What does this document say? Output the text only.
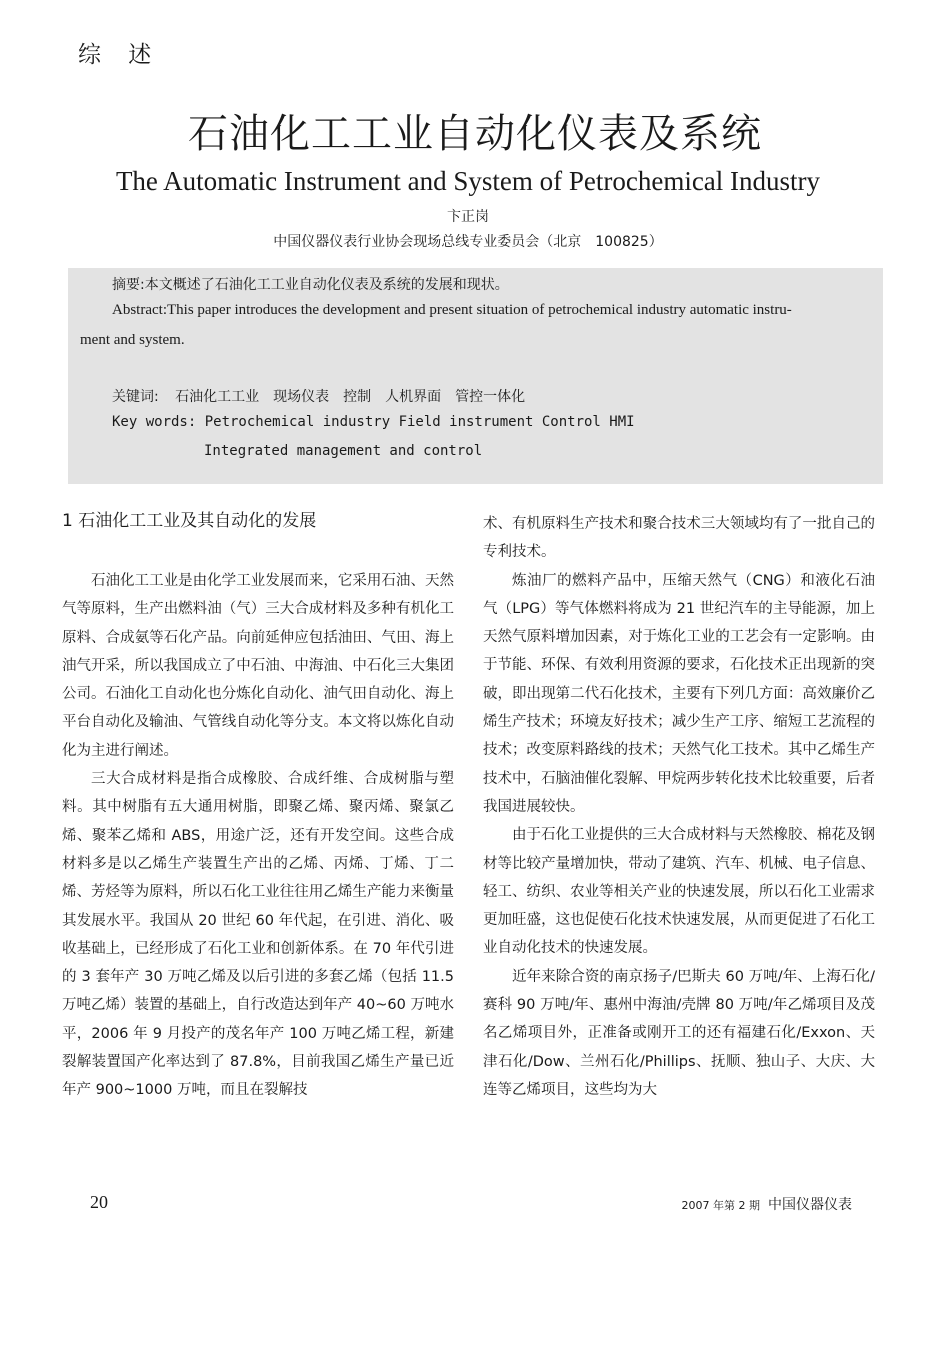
综 述
石油化工工业自动化仪表及系统
The Automatic Instrument and System of Petrochemical Industry
卞正岗
中国仪器仪表行业协会现场总线专业委员会（北京　100825）
摘要:本文概述了石油化工工业自动化仪表及系统的发展和现状。
Abstract:This paper introduces the development and present situation of petrochemical industry automatic instru-
ment and system.
关键词: 石油化工工业　现场仪表　控制　人机界面　管控一体化
Key words: Petrochemical industry Field instrument Control HMI
Integrated management and control
1 石油化工工业及其自动化的发展

石油化工工业是由化学工业发展而来，它采用石油、天然气等原料，生产出燃料油（气）三大合成材料及多种有机化工原料、合成氨等石化产品。向前延伸应包括油田、气田、海上油气开采，所以我国成立了中石油、中海油、中石化三大集团公司。石油化工自动化也分炼化自动化、油气田自动化、海上平台自动化及输油、气管线自动化等分支。本文将以炼化自动化为主进行阐述。

三大合成材料是指合成橡胶、合成纤维、合成树脂与塑料。其中树脂有五大通用树脂，即聚乙烯、聚丙烯、聚氯乙烯、聚苯乙烯和 ABS，用途广泛，还有开发空间。这些合成材料多是以乙烯生产装置生产出的乙烯、丙烯、丁烯、丁二烯、芳烃等为原料，所以石化工业往往用乙烯生产能力来衡量其发展水平。我国从 20 世纪 60 年代起，在引进、消化、吸收基础上，已经形成了石化工业和创新体系。在 70 年代引进的 3 套年产 30 万吨乙烯及以后引进的多套乙烯（包括 11.5 万吨乙烯）装置的基础上，自行改造达到年产 40~60 万吨水平，2006 年 9 月投产的茂名年产 100 万吨乙烯工程，新建裂解装置国产化率达到了 87.8%，目前我国乙烯生产量已近年产 900~1000 万吨，而且在裂解技

术、有机原料生产技术和聚合技术三大领域均有了一批自己的专利技术。

炼油厂的燃料产品中，压缩天然气（CNG）和液化石油气（LPG）等气体燃料将成为 21 世纪汽车的主导能源，加上天然气原料增加因素，对于炼化工业的工艺会有一定影响。由于节能、环保、有效利用资源的要求，石化技术正出现新的突破，即出现第二代石化技术，主要有下列几方面：高效廉价乙烯生产技术；环境友好技术；减少生产工序、缩短工艺流程的技术；改变原料路线的技术；天然气化工技术。其中乙烯生产技术中，石脑油催化裂解、甲烷两步转化技术比较重要，后者我国进展较快。

由于石化工业提供的三大合成材料与天然橡胶、棉花及钢材等比较产量增加快，带动了建筑、汽车、机械、电子信息、轻工、纺织、农业等相关产业的快速发展，所以石化工业需求更加旺盛，这也促使石化技术快速发展，从而更促进了石化工业自动化技术的快速发展。

近年来除合资的南京扬子/巴斯夫 60 万吨/年、上海石化/赛科 90 万吨/年、惠州中海油/壳牌 80 万吨/年乙烯项目及茂名乙烯项目外，正准备或刚开工的还有福建石化/Exxon、天津石化/Dow、兰州石化/Phillips、抚顺、独山子、大庆、大连等乙烯项目，这些均为大

20	2007 年第 2 期 中国仪器仪表
